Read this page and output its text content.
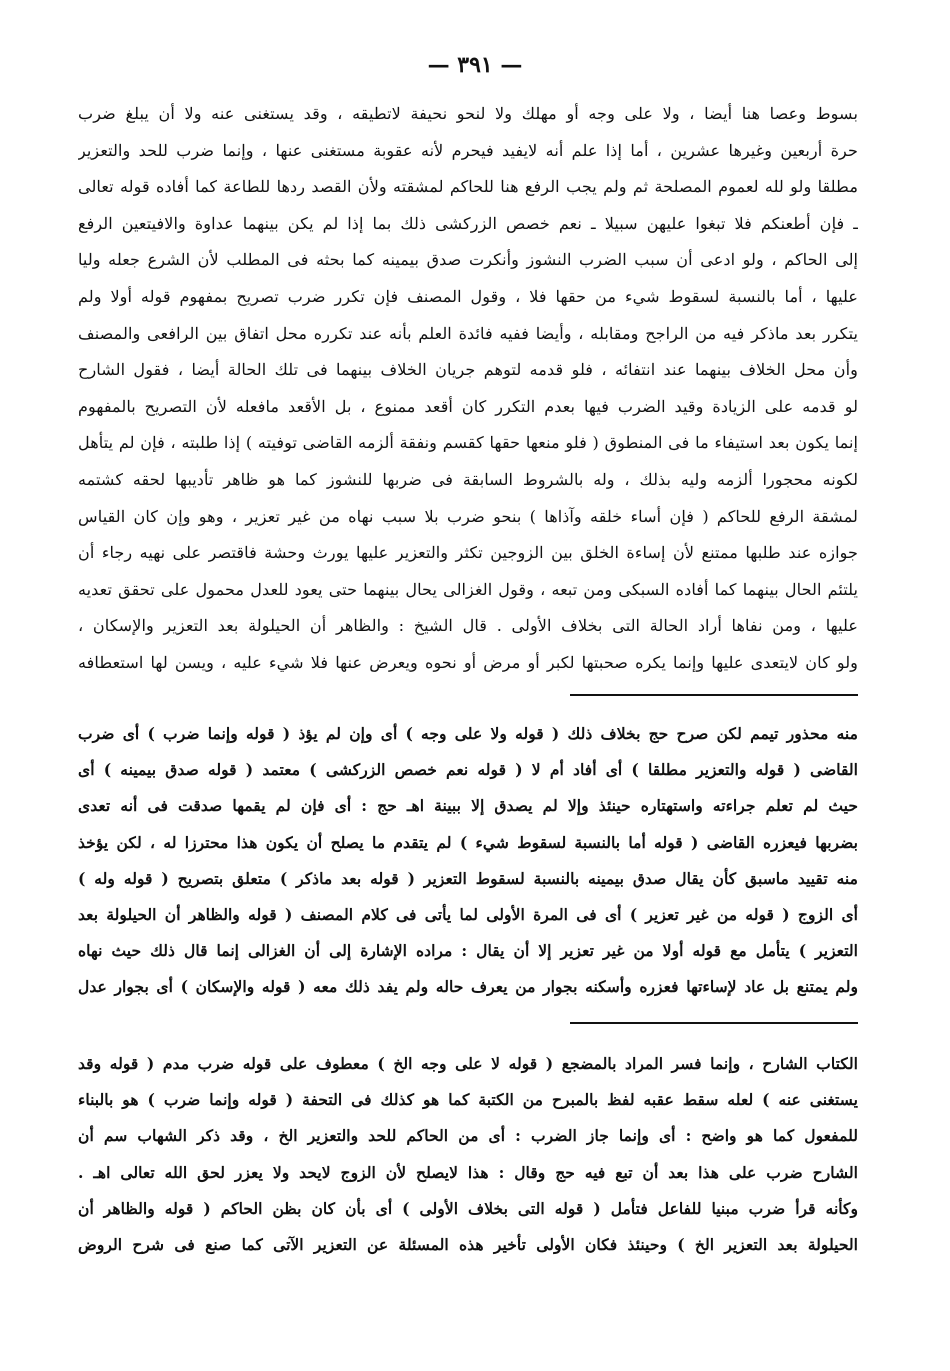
— ٣٩١ —
بسوط وعصا هنا أيضا ، ولا على وجه أو مهلك ولا لنحو نحيفة لاتطيقه ، وقد يستغنى عنه ولا أن يبلغ ضرب
حرة أربعين وغيرها عشرين ، أما إذا علم أنه لايفيد فيحرم لأنه عقوبة مستغنى عنها ، وإنما ضرب للحد والتعزير
مطلقا ولو لله لعموم المصلحة ثم ولم يجب الرفع هنا للحاكم لمشقته ولأن القصد ردها للطاعة كما أفاده قوله تعالى
ـ فإن أطعنكم فلا تبغوا عليهن سبيلا ـ نعم خصص الزركشى ذلك بما إذا لم يكن بينهما عداوة والافيتعين الرفع
إلى الحاكم ، ولو ادعى أن سبب الضرب النشوز وأنكرت صدق بيمينه كما بحثه فى المطلب لأن الشرع جعله وليا
عليها ، أما بالنسبة لسقوط شيء من حقها فلا ، وقول المصنف فإن تكرر ضرب تصريح بمفهوم قوله أولا ولم
يتكرر بعد ماذكر فيه من الراجح ومقابله ، وأيضا ففيه فائدة العلم بأنه عند تكرره محل اتفاق بين الرافعى والمصنف
وأن محل الخلاف بينهما عند انتفائه ، فلو قدمه لتوهم جريان الخلاف بينهما فى تلك الحالة أيضا ، فقول الشارح
لو قدمه على الزيادة وقيد الضرب فيها بعدم التكرر كان أقعد ممنوع ، بل الأقعد مافعله لأن التصريح بالمفهوم
إنما يكون بعد استيفاء ما فى المنطوق ( فلو منعها حقها كقسم ونفقة ألزمه القاضى توفيته ) إذا طلبته ، فإن لم يتأهل
لكونه محجورا ألزمه وليه بذلك ، وله بالشروط السابقة فى ضربها للنشوز كما هو ظاهر تأديبها لحقه كشتمه
لمشقة الرفع للحاكم ( فإن أساء خلقه وآذاها ) بنحو ضرب بلا سبب نهاه من غير تعزير ، وهو وإن كان القياس
جوازه عند طلبها ممتنع لأن إساءة الخلق بين الزوجين تكثر والتعزير عليها يورث وحشة فاقتصر على نهيه رجاء أن
يلتئم الحال بينهما كما أفاده السبكى ومن تبعه ، وقول الغزالى يحال بينهما حتى يعود للعدل محمول على تحقق تعديه
عليها ، ومن نفاها أراد الحالة التى بخلاف الأولى . قال الشيخ : والظاهر أن الحيلولة بعد التعزير والإسكان ،
ولو كان لايتعدى عليها وإنما يكره صحبتها لكبر أو مرض أو نحوه ويعرض عنها فلا شيء عليه ، ويسن لها استعطافه
منه محذور تيمم لكن صرح حج بخلاف ذلك ( قوله ولا على وجه ) أى وإن لم يؤذ ( قوله وإنما ضرب ) أى ضرب
القاضى ( قوله والتعزير مطلقا ) أى أفاد أم لا ( قوله نعم خصص الزركشى ) معتمد ( قوله صدق بيمينه ) أى
حيث لم تعلم جراءته واستهتاره حينئذ وإلا لم يصدق إلا ببينة اهـ حج : أى فإن لم يقمها صدقت فى أنه تعدى
بضربها فيعزره القاضى ( قوله أما بالنسبة لسقوط شيء ) لم يتقدم ما يصلح أن يكون هذا محترزا له ، لكن يؤخذ
منه تقييد ماسبق كأن يقال صدق بيمينه بالنسبة لسقوط التعزير ( قوله بعد ماذكر ) متعلق بتصريح ( قوله وله )
أى الزوج ( قوله من غير تعزير ) أى فى المرة الأولى لما يأتى فى كلام المصنف ( قوله والظاهر أن الحيلولة بعد
التعزير ) يتأمل مع قوله أولا من غير تعزير إلا أن يقال : مراده الإشارة إلى أن الغزالى إنما قال ذلك حيث نهاه
ولم يمتنع بل عاد لإساءتها فعزره وأسكنه بجوار من يعرف حاله ولم يفد ذلك معه ( قوله والإسكان ) أى بجوار عدل
الكتاب الشارح ، وإنما فسر المراد بالمضجع ( قوله لا على وجه الخ ) معطوف على قوله ضرب مدم ( قوله وقد
يستغنى عنه ) لعله سقط عقبه لفظ بالمبرح من الكتبة كما هو كذلك فى التحفة ( قوله وإنما ضرب ) هو بالبناء
للمفعول كما هو واضح : أى وإنما جاز الضرب : أى من الحاكم للحد والتعزير الخ ، وقد ذكر الشهاب سم أن
الشارح ضرب على هذا بعد أن تبع فيه حج وقال : هذا لايصلح لأن الزوج لايحد ولا يعزر لحق الله تعالى اهـ .
وكأنه قرأ ضرب مبنيا للفاعل فتأمل ( قوله التى بخلاف الأولى ) أى بأن كان بظن الحاكم ( قوله والظاهر أن
الحيلولة بعد التعزير الخ ) وحينئذ فكان الأولى تأخير هذه المسئلة عن التعزير الآتى كما صنع فى شرح الروض
